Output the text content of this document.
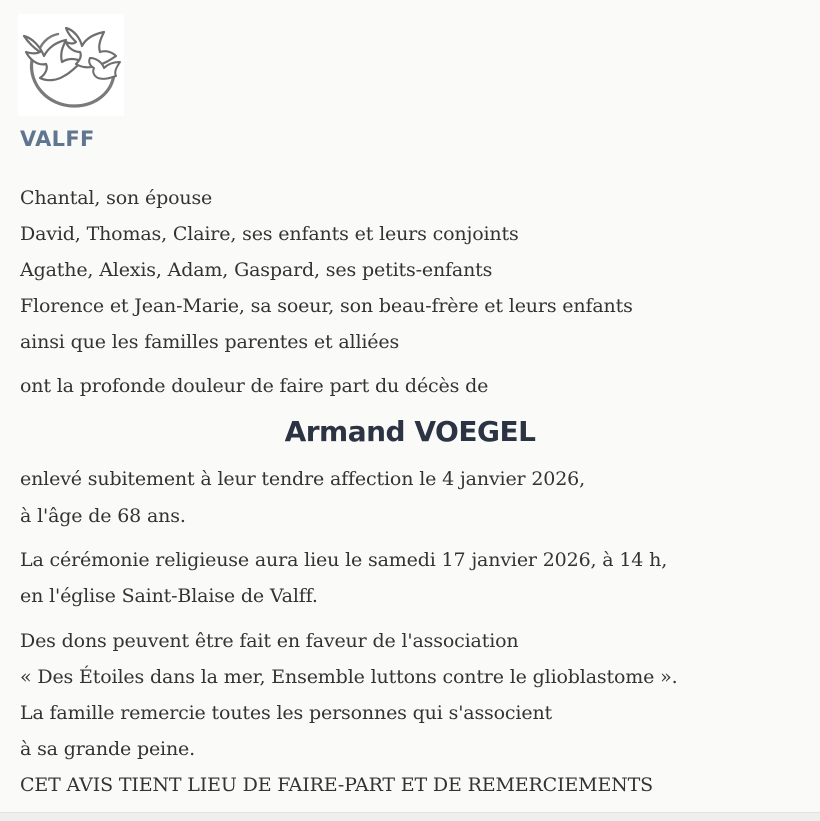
VALFF
Chantal, son épouse
David, Thomas, Claire, ses enfants et leurs conjoints
Agathe, Alexis, Adam, Gaspard, ses petits-enfants
Florence et Jean-Marie, sa soeur, son beau-frère et leurs enfants
ainsi que les familles parentes et alliées
ont la profonde douleur de faire part du décès de
Armand VOEGEL
enlevé subitement à leur tendre affection le 4 janvier 2026,
à l'âge de 68 ans.
La cérémonie religieuse aura lieu le samedi 17 janvier 2026, à 14 h,
en l'église Saint-Blaise de Valff.
Des dons peuvent être fait en faveur de l'association
« Des Étoiles dans la mer, Ensemble luttons contre le glioblastome ».
La famille remercie toutes les personnes qui s'associent
à sa grande peine.
CET AVIS TIENT LIEU DE FAIRE-PART ET DE REMERCIEMENTS
